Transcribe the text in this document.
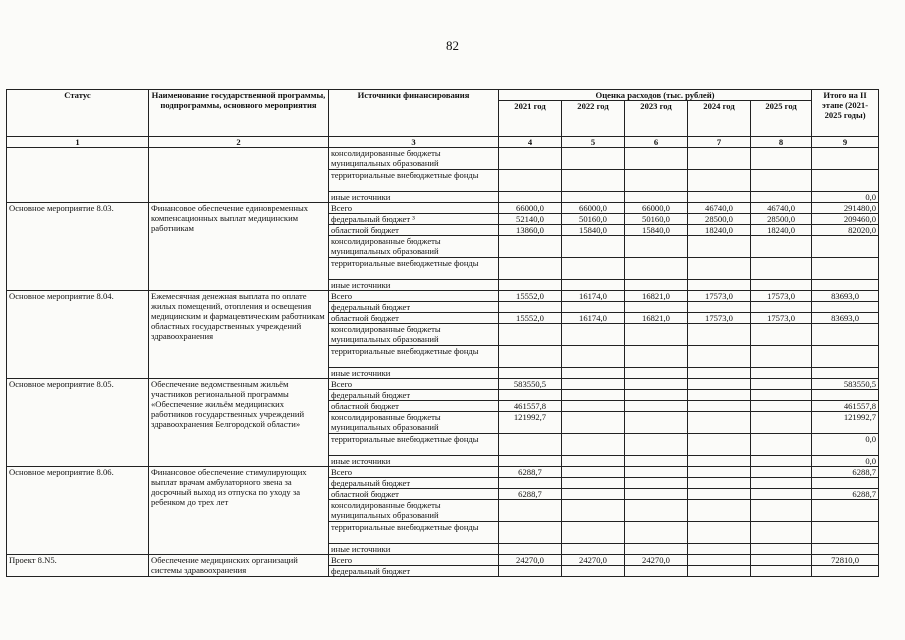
82
Статус	Наименование государственной программы, подпрограммы, основного мероприятия	Источники финансирования	Оценка расходов (тыс. рублей)					Итого на II этапе (2021-2025 годы)
			2021 год	2022 год	2023 год	2024 год	2025 год	
1	2	3	4	5	6	7	8	9
		консолидированные бюджеты муниципальных образований						
		территориальные внебюджетные фонды						
		иные источники						0,0
Основное мероприятие 8.03.	Финансовое обеспечение единовременных компенсационных выплат медицинским работникам	Всего	66000,0	66000,0	66000,0	46740,0	46740,0	291480,0
		федеральный бюджет ³	52140,0	50160,0	50160,0	28500,0	28500,0	209460,0
		областной бюджет	13860,0	15840,0	15840,0	18240,0	18240,0	82020,0
		консолидированные бюджеты муниципальных образований						
		территориальные внебюджетные фонды						
		иные источники						
Основное мероприятие 8.04.	Ежемесячная денежная выплата по оплате жилых помещений, отопления и освещения медицинским и фармацевтическим работникам областных государственных учреждений здравоохранения	Всего	15552,0	16174,0	16821,0	17573,0	17573,0	83693,0
		федеральный бюджет						
		областной бюджет	15552,0	16174,0	16821,0	17573,0	17573,0	83693,0
		консолидированные бюджеты муниципальных образований						
		территориальные внебюджетные фонды						
		иные источники						
Основное мероприятие 8.05.	Обеспечение ведомственным жильём участников региональной программы «Обеспечение жильём медицинских работников государственных учреждений здравоохранения Белгородской области»	Всего	583550,5					583550,5
		федеральный бюджет						
		областной бюджет	461557,8					461557,8
		консолидированные бюджеты муниципальных образований	121992,7					121992,7
		территориальные внебюджетные фонды						0,0
		иные источники						0,0
Основное мероприятие 8.06.	Финансовое обеспечение стимулирующих выплат врачам амбулаторного звена за досрочный выход из отпуска по уходу за ребенком до трех лет	Всего	6288,7					6288,7
		федеральный бюджет						
		областной бюджет	6288,7					6288,7
		консолидированные бюджеты муниципальных образований						
		территориальные внебюджетные фонды						
		иные источники						
Проект 8.N5.	Обеспечение медицинских организаций системы здравоохранения	Всего	24270,0	24270,0	24270,0			72810,0
		федеральный бюджет						
